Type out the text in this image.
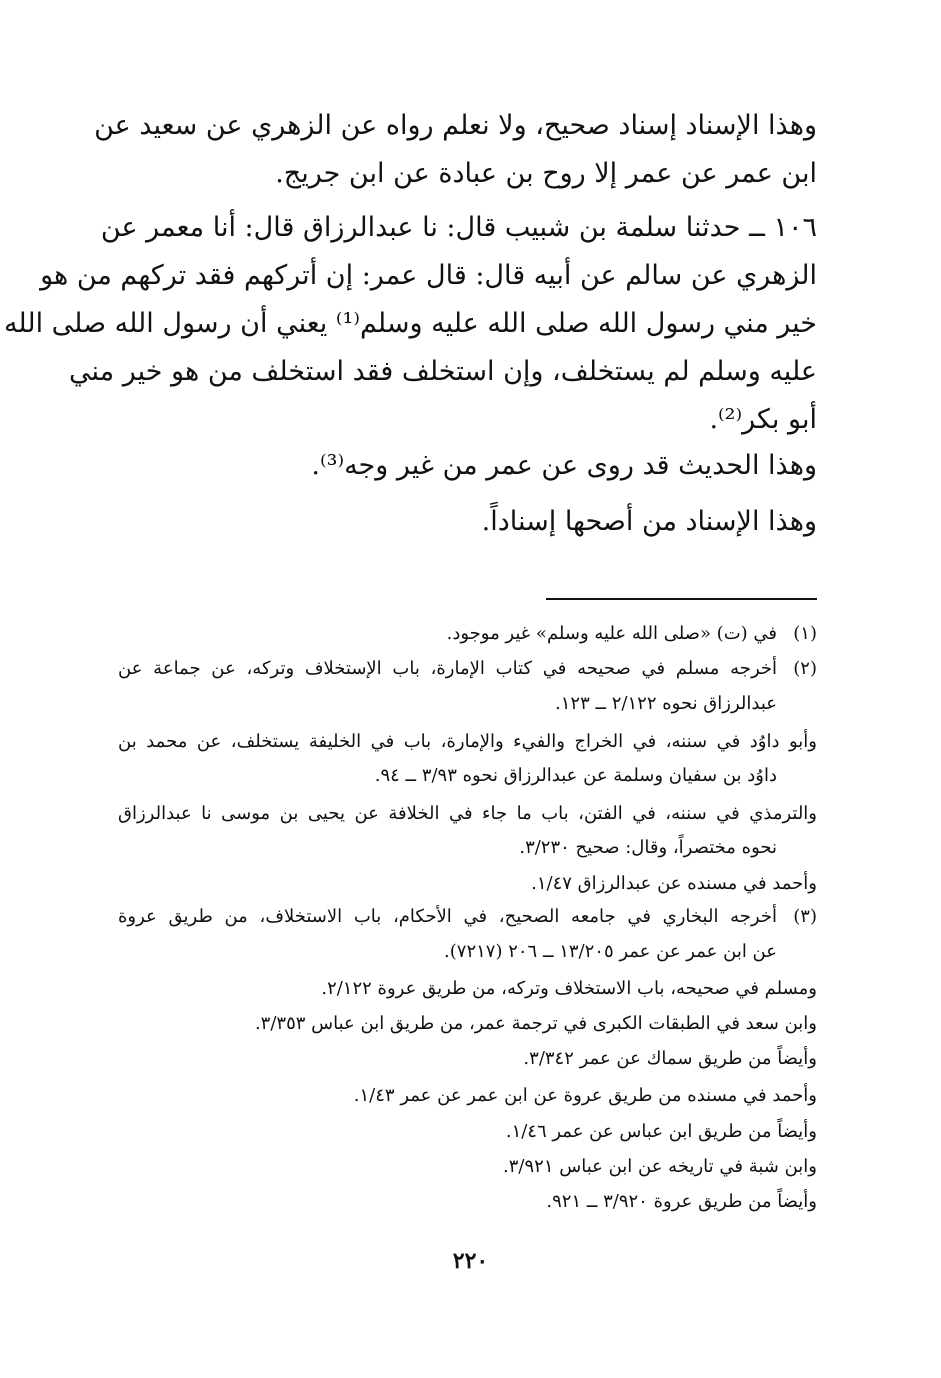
وهذا الإسناد إسناد صحيح، ولا نعلم رواه عن الزهري عن سعيد عن
ابن عمر عن عمر إلا روح بن عبادة عن ابن جريج.
١٠٦ ــ حدثنا سلمة بن شبيب قال: نا عبدالرزاق قال: أنا معمر عن
الزهري عن سالم عن أبيه قال: قال عمر: إن أتركهم فقد تركهم من هو
خير مني رسول الله صلى الله عليه وسلم⁽¹⁾ يعني أن رسول الله صلى الله
عليه وسلم لم يستخلف، وإن استخلف فقد استخلف من هو خير مني
أبو بكر⁽²⁾.
وهذا الحديث قد روى عن عمر من غير وجه⁽³⁾.
وهذا الإسناد من أصحها إسناداً.
(١)
(٢)
(٣)
في (ت) «صلى الله عليه وسلم» غير موجود.
أخرجه مسلم في صحيحه في كتاب الإمارة، باب الإستخلاف وتركه، عن جماعة عن
عبدالرزاق نحوه ٢/١٢٢ ــ ١٢٣.
وأبو داوُد في سننه، في الخراج والفيء والإمارة، باب في الخليفة يستخلف، عن محمد بن
داوُد بن سفيان وسلمة عن عبدالرزاق نحوه ٣/٩٣ ــ ٩٤.
والترمذي في سننه، في الفتن، باب ما جاء في الخلافة عن يحيى بن موسى نا عبدالرزاق
نحوه مختصراً، وقال: صحيح ٣/٢٣٠.
وأحمد في مسنده عن عبدالرزاق ١/٤٧.
أخرجه البخاري في جامعه الصحيح، في الأحكام، باب الاستخلاف، من طريق عروة
عن ابن عمر عن عمر ١٣/٢٠٥ ــ ٢٠٦ (٧٢١٧).
ومسلم في صحيحه، باب الاستخلاف وتركه، من طريق عروة ٢/١٢٢.
وابن سعد في الطبقات الكبرى في ترجمة عمر، من طريق ابن عباس ٣/٣٥٣.
وأيضاً من طريق سماك عن عمر ٣/٣٤٢.
وأحمد في مسنده من طريق عروة عن ابن عمر عن عمر ١/٤٣.
وأيضاً من طريق ابن عباس عن عمر ١/٤٦.
وابن شبة في تاريخه عن ابن عباس ٣/٩٢١.
وأيضاً من طريق عروة ٣/٩٢٠ ــ ٩٢١.
٢٢٠
